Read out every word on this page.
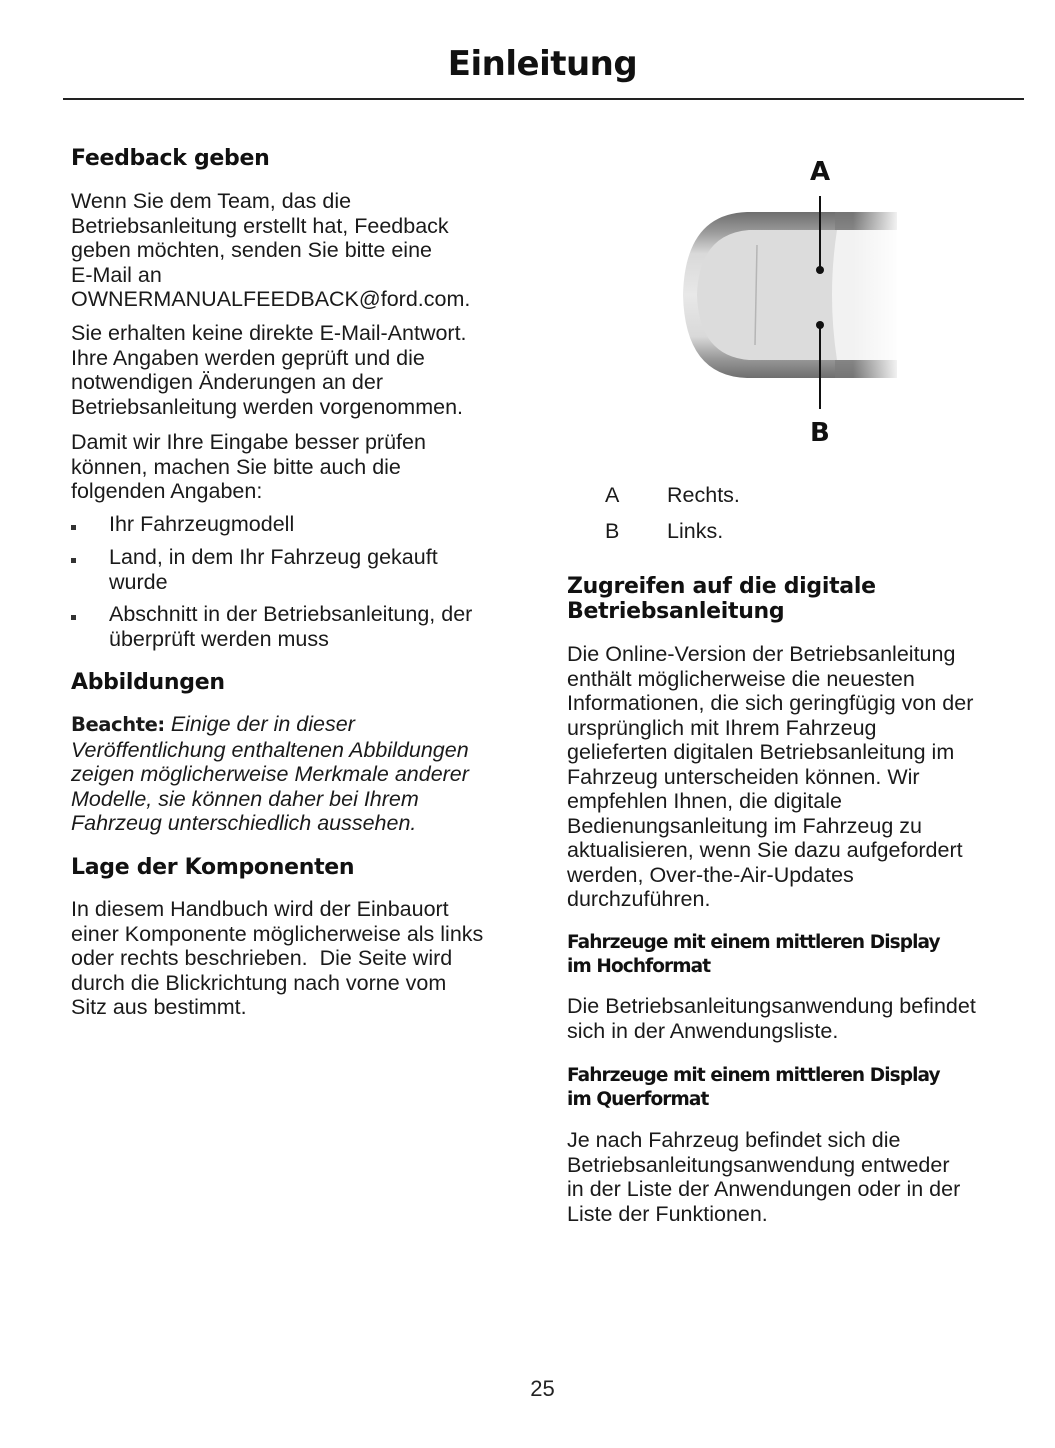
Einleitung
Feedback geben
Wenn Sie dem Team, das die
Betriebsanleitung erstellt hat, Feedback
geben möchten, senden Sie bitte eine
E-Mail an
OWNERMANUALFEEDBACK@ford.com.
Sie erhalten keine direkte E-Mail-Antwort.
Ihre Angaben werden geprüft und die
notwendigen Änderungen an der
Betriebsanleitung werden vorgenommen.
Damit wir Ihre Eingabe besser prüfen
können, machen Sie bitte auch die
folgenden Angaben:
Ihr Fahrzeugmodell
Land, in dem Ihr Fahrzeug gekauft
wurde
Abschnitt in der Betriebsanleitung, der
überprüft werden muss
Abbildungen
Beachte: Einige der in dieser
Veröffentlichung enthaltenen Abbildungen
zeigen möglicherweise Merkmale anderer
Modelle, sie können daher bei Ihrem
Fahrzeug unterschiedlich aussehen.
Lage der Komponenten
In diesem Handbuch wird der Einbauort
einer Komponente möglicherweise als links
oder rechts beschrieben.  Die Seite wird
durch die Blickrichtung nach vorne vom
Sitz aus bestimmt.
A
B
A Rechts.
B Links.
Zugreifen auf die digitale
Betriebsanleitung
Die Online-Version der Betriebsanleitung
enthält möglicherweise die neuesten
Informationen, die sich geringfügig von der
ursprünglich mit Ihrem Fahrzeug
gelieferten digitalen Betriebsanleitung im
Fahrzeug unterscheiden können. Wir
empfehlen Ihnen, die digitale
Bedienungsanleitung im Fahrzeug zu
aktualisieren, wenn Sie dazu aufgefordert
werden, Over-the-Air-Updates
durchzuführen.
Fahrzeuge mit einem mittleren Display
im Hochformat
Die Betriebsanleitungsanwendung befindet
sich in der Anwendungsliste.
Fahrzeuge mit einem mittleren Display
im Querformat
Je nach Fahrzeug befindet sich die
Betriebsanleitungsanwendung entweder
in der Liste der Anwendungen oder in der
Liste der Funktionen.
25
